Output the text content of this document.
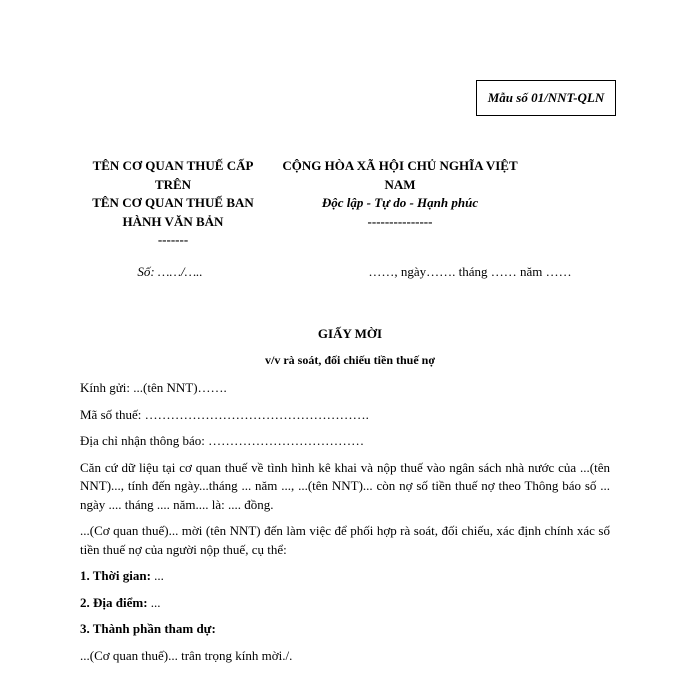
Mẫu số 01/NNT-QLN
TÊN CƠ QUAN THUẾ CẤP TRÊN
TÊN CƠ QUAN THUẾ BAN HÀNH VĂN BẢN
-------
CỘNG HÒA XÃ HỘI CHỦ NGHĨA VIỆT NAM
Độc lập - Tự do - Hạnh phúc
---------------
Số: ……/…..	……, ngày……. tháng …… năm ……
GIẤY MỜI
v/v rà soát, đối chiếu tiền thuế nợ

Kính gửi: ...(tên NNT)…….

Mã số thuế: …………………………………………….

Địa chỉ nhận thông báo: ………………………………

Căn cứ dữ liệu tại cơ quan thuế về tình hình kê khai và nộp thuế vào ngân sách nhà nước của ...(tên NNT)..., tính đến ngày...tháng ... năm ..., ...(tên NNT)... còn nợ số tiền thuế nợ theo Thông báo số ... ngày .... tháng .... năm.... là: .... đồng.

...(Cơ quan thuế)... mời (tên NNT) đến làm việc để phối hợp rà soát, đối chiếu, xác định chính xác số tiền thuế nợ của người nộp thuế, cụ thể:

1. Thời gian: ...

2. Địa điểm: ...

3. Thành phần tham dự:

...(Cơ quan thuế)... trân trọng kính mời./.
